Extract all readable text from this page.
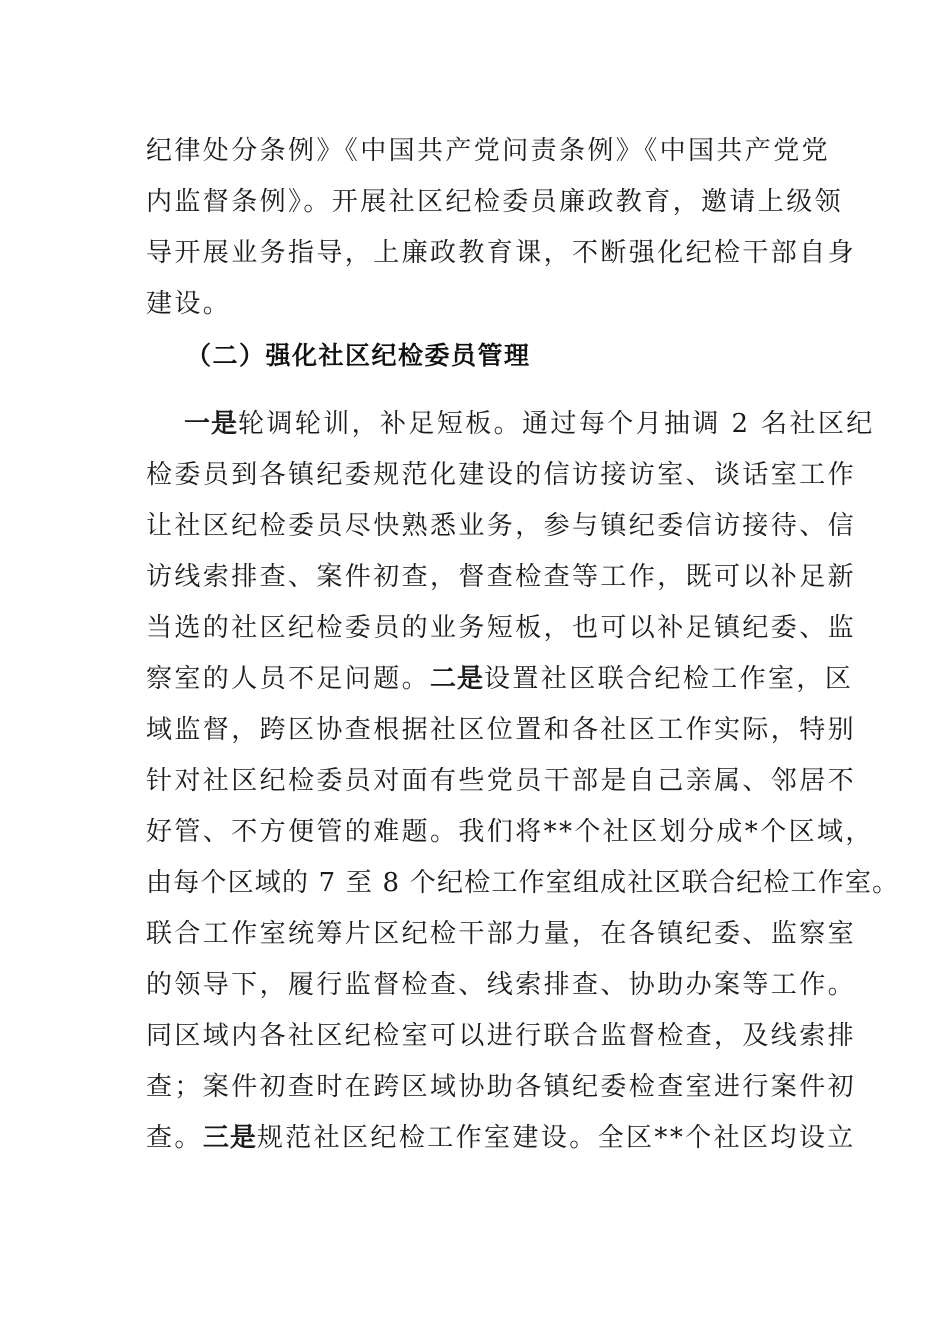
纪律处分条例》《中国共产党问责条例》《中国共产党党
内监督条例》。开展社区纪检委员廉政教育，邀请上级领
导开展业务指导，上廉政教育课，不断强化纪检干部自身
建设。
（二）强化社区纪检委员管理
一是轮调轮训，补足短板。通过每个月抽调 2 名社区纪
检委员到各镇纪委规范化建设的信访接访室、谈话室工作
让社区纪检委员尽快熟悉业务，参与镇纪委信访接待、信
访线索排查、案件初查，督查检查等工作，既可以补足新
当选的社区纪检委员的业务短板，也可以补足镇纪委、监
察室的人员不足问题。二是设置社区联合纪检工作室，区
域监督，跨区协查根据社区位置和各社区工作实际，特别
针对社区纪检委员对面有些党员干部是自己亲属、邻居不
好管、不方便管的难题。我们将**个社区划分成*个区域，
由每个区域的 7 至 8 个纪检工作室组成社区联合纪检工作室。
联合工作室统筹片区纪检干部力量，在各镇纪委、监察室
的领导下，履行监督检查、线索排查、协助办案等工作。
同区域内各社区纪检室可以进行联合监督检查，及线索排
查；案件初查时在跨区域协助各镇纪委检查室进行案件初
查。三是规范社区纪检工作室建设。全区**个社区均设立
